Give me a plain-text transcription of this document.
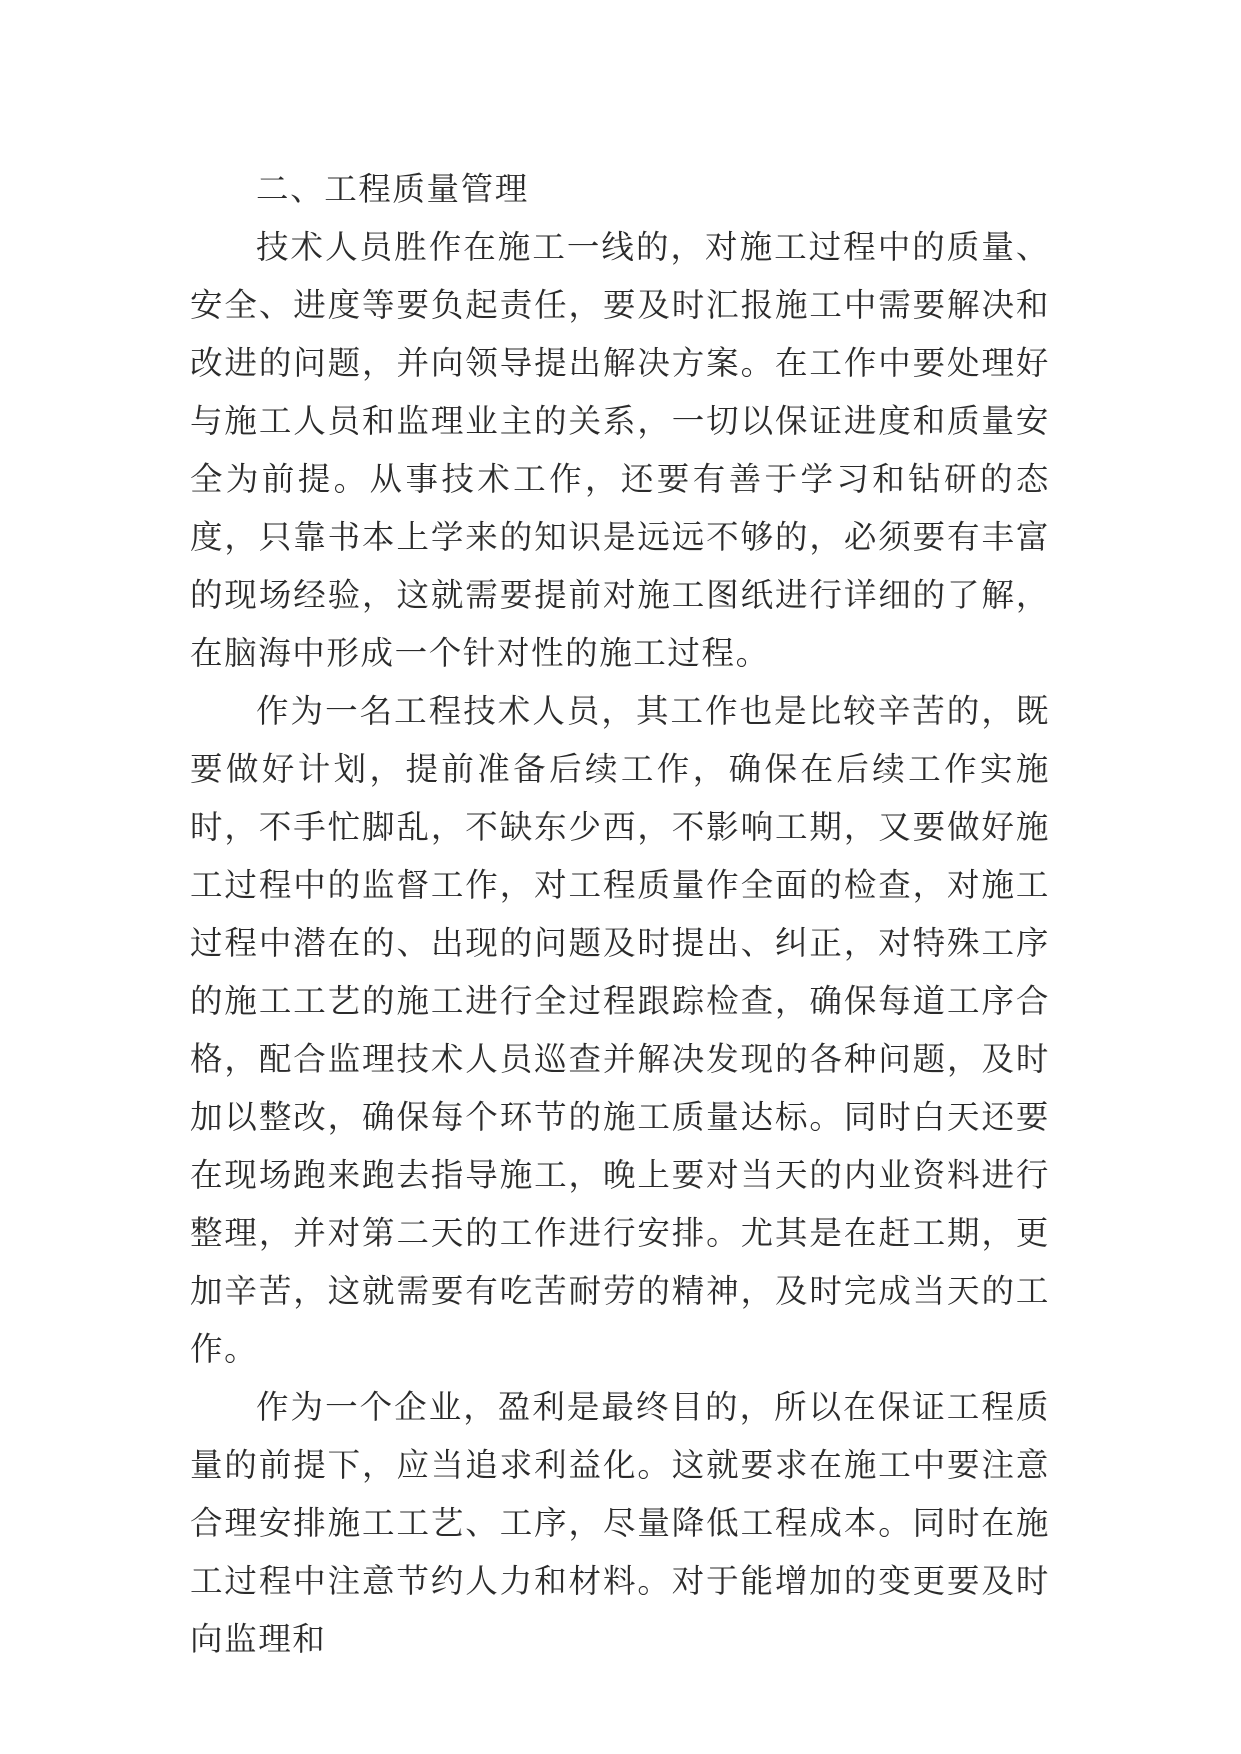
二、工程质量管理

技术人员胜作在施工一线的，对施工过程中的质量、安全、进度等要负起责任，要及时汇报施工中需要解决和改进的问题，并向领导提出解决方案。在工作中要处理好与施工人员和监理业主的关系，一切以保证进度和质量安全为前提。从事技术工作，还要有善于学习和钻研的态度，只靠书本上学来的知识是远远不够的，必须要有丰富的现场经验，这就需要提前对施工图纸进行详细的了解，在脑海中形成一个针对性的施工过程。

作为一名工程技术人员，其工作也是比较辛苦的，既要做好计划，提前准备后续工作，确保在后续工作实施时，不手忙脚乱，不缺东少西，不影响工期，又要做好施工过程中的监督工作，对工程质量作全面的检查，对施工过程中潜在的、出现的问题及时提出、纠正，对特殊工序的施工工艺的施工进行全过程跟踪检查，确保每道工序合格，配合监理技术人员巡查并解决发现的各种问题，及时加以整改，确保每个环节的施工质量达标。同时白天还要在现场跑来跑去指导施工，晚上要对当天的内业资料进行整理，并对第二天的工作进行安排。尤其是在赶工期，更加辛苦，这就需要有吃苦耐劳的精神，及时完成当天的工作。

作为一个企业，盈利是最终目的，所以在保证工程质量的前提下，应当追求利益化。这就要求在施工中要注意合理安排施工工艺、工序，尽量降低工程成本。同时在施工过程中注意节约人力和材料。对于能增加的变更要及时向监理和
